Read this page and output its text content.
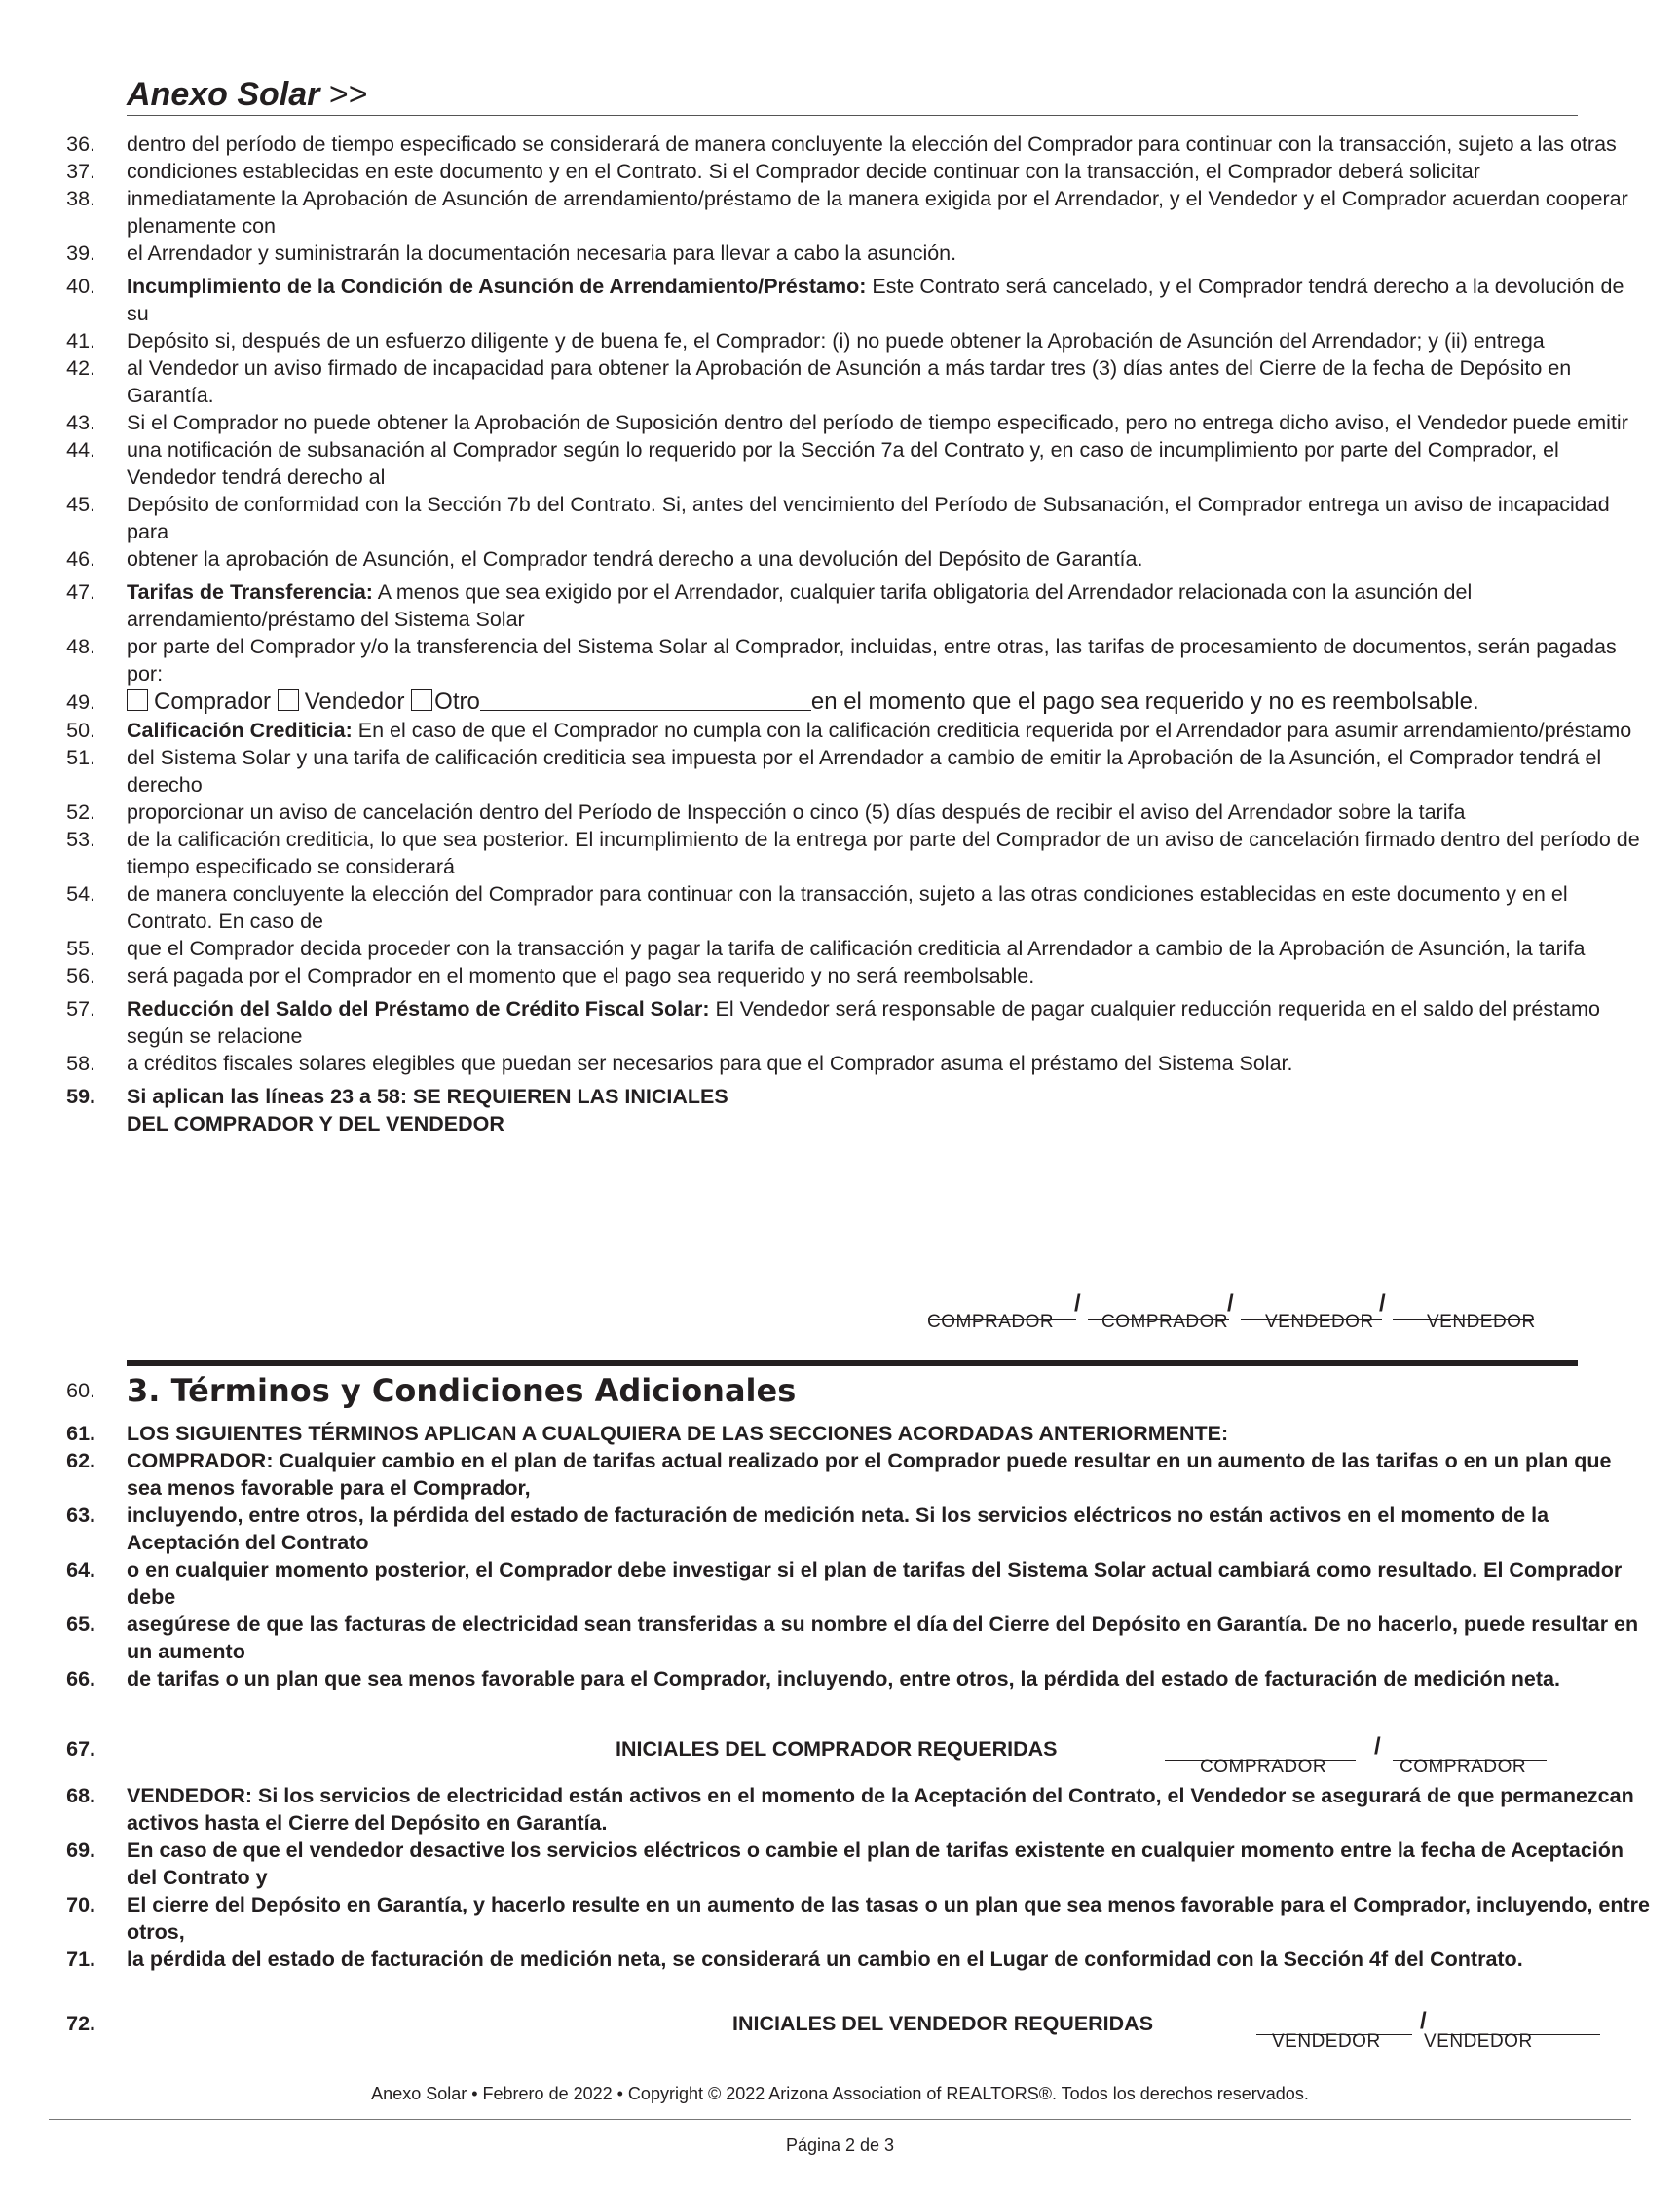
Anexo Solar >>
36. dentro del período de tiempo especificado se considerará de manera concluyente la elección del Comprador para continuar con la transacción, sujeto a las otras
37. condiciones establecidas en este documento y en el Contrato. Si el Comprador decide continuar con la transacción, el Comprador deberá solicitar
38. inmediatamente la Aprobación de Asunción de arrendamiento/préstamo de la manera exigida por el Arrendador, y el Vendedor y el Comprador acuerdan cooperar plenamente con
39. el Arrendador y suministrarán la documentación necesaria para llevar a cabo la asunción.
40. Incumplimiento de la Condición de Asunción de Arrendamiento/Préstamo: Este Contrato será cancelado, y el Comprador tendrá derecho a la devolución de su
41. Depósito si, después de un esfuerzo diligente y de buena fe, el Comprador: (i) no puede obtener la Aprobación de Asunción del Arrendador; y (ii) entrega
42. al Vendedor un aviso firmado de incapacidad para obtener la Aprobación de Asunción a más tardar tres (3) días antes del Cierre de la fecha de Depósito en Garantía.
43. Si el Comprador no puede obtener la Aprobación de Suposición dentro del período de tiempo especificado, pero no entrega dicho aviso, el Vendedor puede emitir
44. una notificación de subsanación al Comprador según lo requerido por la Sección 7a del Contrato y, en caso de incumplimiento por parte del Comprador, el Vendedor tendrá derecho al
45. Depósito de conformidad con la Sección 7b del Contrato. Si, antes del vencimiento del Período de Subsanación, el Comprador entrega un aviso de incapacidad para
46. obtener la aprobación de Asunción, el Comprador tendrá derecho a una devolución del Depósito de Garantía.
47. Tarifas de Transferencia: A menos que sea exigido por el Arrendador, cualquier tarifa obligatoria del Arrendador relacionada con la asunción del arrendamiento/préstamo del Sistema Solar
48. por parte del Comprador y/o la transferencia del Sistema Solar al Comprador, incluidas, entre otras, las tarifas de procesamiento de documentos, serán pagadas por:
49.	Comprador Vendedor Otro	en el momento que el pago sea requerido y no es reembolsable.
50. Calificación Crediticia: En el caso de que el Comprador no cumpla con la calificación crediticia requerida por el Arrendador para asumir arrendamiento/préstamo
51. del Sistema Solar y una tarifa de calificación crediticia sea impuesta por el Arrendador a cambio de emitir la Aprobación de la Asunción, el Comprador tendrá el derecho
52. proporcionar un aviso de cancelación dentro del Período de Inspección o cinco (5) días después de recibir el aviso del Arrendador sobre la tarifa
53. de la calificación crediticia, lo que sea posterior. El incumplimiento de la entrega por parte del Comprador de un aviso de cancelación firmado dentro del período de tiempo especificado se considerará
54. de manera concluyente la elección del Comprador para continuar con la transacción, sujeto a las otras condiciones establecidas en este documento y en el Contrato. En caso de
55. que el Comprador decida proceder con la transacción y pagar la tarifa de calificación crediticia al Arrendador a cambio de la Aprobación de Asunción, la tarifa
56. será pagada por el Comprador en el momento que el pago sea requerido y no será reembolsable.
57. Reducción del Saldo del Préstamo de Crédito Fiscal Solar: El Vendedor será responsable de pagar cualquier reducción requerida en el saldo del préstamo según se relacione
58. a créditos fiscales solares elegibles que puedan ser necesarios para que el Comprador asuma el préstamo del Sistema Solar.
59. Si aplican las líneas 23 a 58: SE REQUIEREN LAS INICIALES
DEL COMPRADOR Y DEL VENDEDOR
/	/	/
COMPRADOR	COMPRADOR VENDEDOR	VENDEDOR
60. 3. Términos y Condiciones Adicionales
61. LOS SIGUIENTES TÉRMINOS APLICAN A CUALQUIERA DE LAS SECCIONES ACORDADAS ANTERIORMENTE:
62. COMPRADOR: Cualquier cambio en el plan de tarifas actual realizado por el Comprador puede resultar en un aumento de las tarifas o en un plan que sea menos favorable para el Comprador,
63. incluyendo, entre otros, la pérdida del estado de facturación de medición neta. Si los servicios eléctricos no están activos en el momento de la Aceptación del Contrato
64. o en cualquier momento posterior, el Comprador debe investigar si el plan de tarifas del Sistema Solar actual cambiará como resultado. El Comprador debe
65. asegúrese de que las facturas de electricidad sean transferidas a su nombre el día del Cierre del Depósito en Garantía. De no hacerlo, puede resultar en un aumento
66. de tarifas o un plan que sea menos favorable para el Comprador, incluyendo, entre otros, la pérdida del estado de facturación de medición neta.
67.	INICIALES DEL COMPRADOR REQUERIDAS	/
COMPRADOR	COMPRADOR
68. VENDEDOR: Si los servicios de electricidad están activos en el momento de la Aceptación del Contrato, el Vendedor se asegurará de que permanezcan activos hasta el Cierre del Depósito en Garantía.
69. En caso de que el vendedor desactive los servicios eléctricos o cambie el plan de tarifas existente en cualquier momento entre la fecha de Aceptación del Contrato y
70. El cierre del Depósito en Garantía, y hacerlo resulte en un aumento de las tasas o un plan que sea menos favorable para el Comprador, incluyendo, entre otros,
71. la pérdida del estado de facturación de medición neta, se considerará un cambio en el Lugar de conformidad con la Sección 4f del Contrato.
72.	INICIALES DEL VENDEDOR REQUERIDAS	/
VENDEDOR VENDEDOR
Anexo Solar • Febrero de 2022 • Copyright © 2022 Arizona Association of REALTORS®. Todos los derechos reservados.
Página 2 de 3
